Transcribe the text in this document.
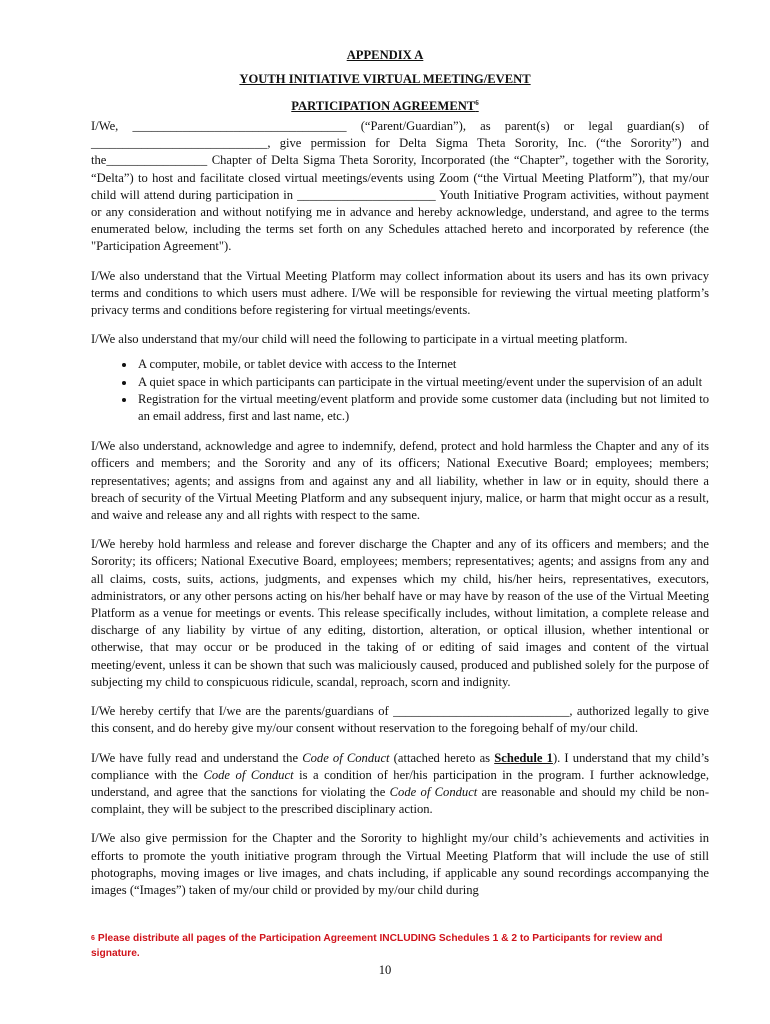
APPENDIX A
YOUTH INITIATIVE VIRTUAL MEETING/EVENT
PARTICIPATION AGREEMENT$^6$

I/We, __________________________________ (“Parent/Guardian”), as parent(s) or legal guardian(s) of ____________________________, give permission for Delta Sigma Theta Sorority, Inc. (“the Sorority”) and the________________ Chapter of Delta Sigma Theta Sorority, Incorporated (the “Chapter”, together with the Sorority, “Delta”) to host and facilitate closed virtual meetings/events using Zoom (“the Virtual Meeting Platform”), that my/our child will attend during participation in ______________________ Youth Initiative Program activities, without payment or any consideration and without notifying me in advance and hereby acknowledge, understand, and agree to the terms enumerated below, including the terms set forth on any Schedules attached hereto and incorporated by reference (the "Participation Agreement").

I/We also understand that the Virtual Meeting Platform may collect information about its users and has its own privacy terms and conditions to which users must adhere. I/We will be responsible for reviewing the virtual meeting platform’s privacy terms and conditions before registering for virtual meetings/events.

I/We also understand that my/our child will need the following to participate in a virtual meeting platform.

• A computer, mobile, or tablet device with access to the Internet
• A quiet space in which participants can participate in the virtual meeting/event under the supervision of an adult
• Registration for the virtual meeting/event platform and provide some customer data (including but not limited to an email address, first and last name, etc.)

I/We also understand, acknowledge and agree to indemnify, defend, protect and hold harmless the Chapter and any of its officers and members; and the Sorority and any of its officers; National Executive Board; employees; members; representatives; agents; and assigns from and against any and all liability, whether in law or in equity, should there a breach of security of the Virtual Meeting Platform and any subsequent injury, malice, or harm that might occur as a result, and waive and release any and all rights with respect to the same.

I/We hereby hold harmless and release and forever discharge the Chapter and any of its officers and members; and the Sorority; its officers; National Executive Board, employees; members; representatives; agents; and assigns from any and all claims, costs, suits, actions, judgments, and expenses which my child, his/her heirs, representatives, executors, administrators, or any other persons acting on his/her behalf have or may have by reason of the use of the Virtual Meeting Platform as a venue for meetings or events. This release specifically includes, without limitation, a complete release and discharge of any liability by virtue of any editing, distortion, alteration, or optical illusion, whether intentional or otherwise, that may occur or be produced in the taking of or editing of said images and content of the virtual meeting/event, unless it can be shown that such was maliciously caused, produced and published solely for the purpose of subjecting my child to conspicuous ridicule, scandal, reproach, scorn and indignity.

I/We hereby certify that I/we are the parents/guardians of ____________________________, authorized legally to give this consent, and do hereby give my/our consent without reservation to the foregoing behalf of my/our child.

I/We have fully read and understand the Code of Conduct (attached hereto as Schedule 1). I understand that my child’s compliance with the Code of Conduct is a condition of her/his participation in the program. I further acknowledge, understand, and agree that the sanctions for violating the Code of Conduct are reasonable and should my child be non-complaint, they will be subject to the prescribed disciplinary action.

I/We also give permission for the Chapter and the Sorority to highlight my/our child’s achievements and activities in efforts to promote the youth initiative program through the Virtual Meeting Platform that will include the use of still photographs, moving images or live images, and chats including, if applicable any sound recordings accompanying the images (“Images”) taken of my/our child or provided by my/our child during

6 Please distribute all pages of the Participation Agreement INCLUDING Schedules 1 & 2 to Participants for review and signature.
10
